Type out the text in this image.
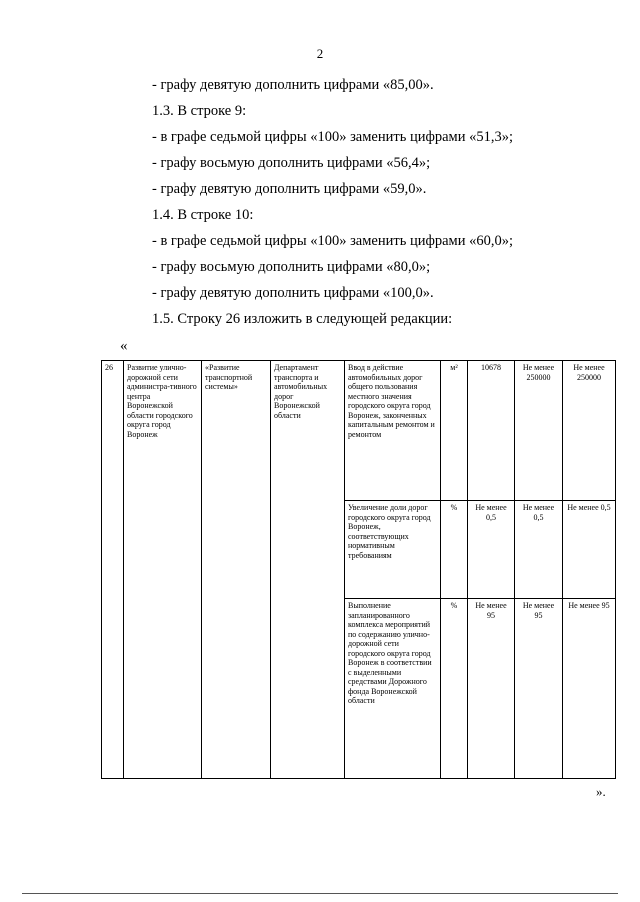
2
- графу девятую дополнить цифрами «85,00».
1.3. В строке 9:
- в графе седьмой цифры «100» заменить цифрами «51,3»;
- графу восьмую дополнить цифрами «56,4»;
- графу девятую дополнить цифрами «59,0».
1.4. В строке 10:
- в графе седьмой цифры «100» заменить цифрами «60,0»;
- графу восьмую дополнить цифрами «80,0»;
- графу девятую дополнить цифрами «100,0».
1.5. Строку 26 изложить в следующей редакции:
«
26	Развитие улично-дорожной сети администра-тивного центра Воронежской области городского округа город Воронеж	«Развитие транспортной системы»	Департамент транспорта и автомобильных дорог Воронежской области	Ввод в действие автомобильных дорог общего пользования местного значения городского округа город Воронеж, законченных капитальным ремонтом и ремонтом	м²	10678	Не менее 250000	Не менее 250000
				Увеличение доли дорог городского округа город Воронеж, соответствующих нормативным требованиям	%	Не менее 0,5	Не менее 0,5	Не менее 0,5
				Выполнение запланированного комплекса мероприятий по содержанию улично-дорожной сети городского округа город Воронеж в соответствии с выделенными средствами Дорожного фонда Воронежской области	%	Не менее 95	Не менее 95	Не менее 95
».
